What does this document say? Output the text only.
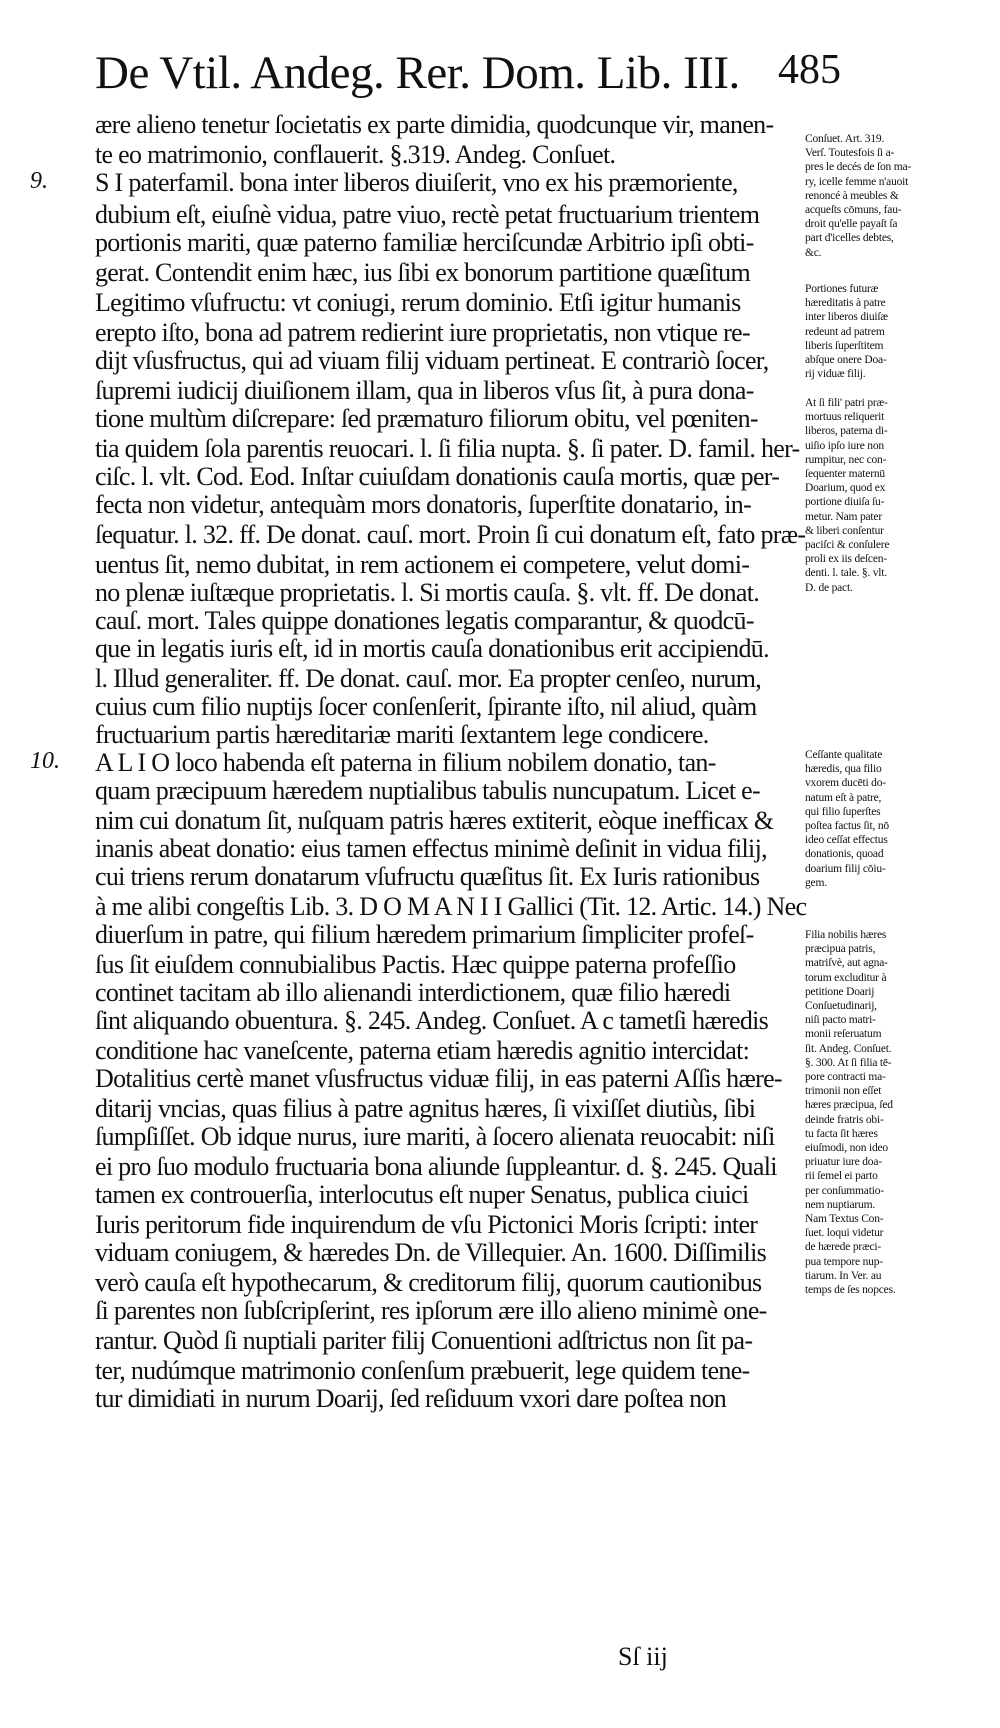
De Vtil. Andeg. Rer. Dom. Lib. III. 485
9.
10.
ære alieno tenetur ſocietatis ex parte dimidia, quodcunque vir, manen-
te eo matrimonio, conflauerit. §.319. Andeg. Conſuet.
S I paterfamil. bona inter liberos diuiſerit, vno ex his præmoriente,
dubium eſt, eiuſnè vidua, patre viuo, rectè petat fructuarium trientem
portionis mariti, quæ paterno familiæ herciſcundæ Arbitrio ipſi obti-
gerat. Contendit enim hæc, ius ſibi ex bonorum partitione quæſitum
Legitimo vſufructu: vt coniugi, rerum dominio. Etſi igitur humanis
erepto iſto, bona ad patrem redierint iure proprietatis, non vtique re-
dijt vſusfructus, qui ad viuam filij viduam pertineat. E contrariò ſocer,
ſupremi iudicij diuiſionem illam, qua in liberos vſus ſit, à pura dona-
tione multùm diſcrepare: ſed præmaturo filiorum obitu, vel pœniten-
tia quidem ſola parentis reuocari. l. ſi filia nupta. §. ſi pater. D. famil. her-
ciſc. l. vlt. Cod. Eod. Inſtar cuiuſdam donationis cauſa mortis, quæ per-
fecta non videtur, antequàm mors donatoris, ſuperſtite donatario, in-
ſequatur. l. 32. ff. De donat. cauſ. mort. Proin ſi cui donatum eſt, fato præ-
uentus ſit, nemo dubitat, in rem actionem ei competere, velut domi-
no plenæ iuſtæque proprietatis. l. Si mortis cauſa. §. vlt. ff. De donat.
cauſ. mort. Tales quippe donationes legatis comparantur, & quodcū-
que in legatis iuris eſt, id in mortis cauſa donationibus erit accipiendū.
l. Illud generaliter. ff. De donat. cauſ. mor. Ea propter cenſeo, nurum,
cuius cum filio nuptijs ſocer conſenſerit, ſpirante iſto, nil aliud, quàm
fructuarium partis hæreditariæ mariti ſextantem lege condicere.
A L I O loco habenda eſt paterna in filium nobilem donatio, tan-
quam præcipuum hæredem nuptialibus tabulis nuncupatum. Licet e-
nim cui donatum ſit, nuſquam patris hæres extiterit, eòque inefficax &
inanis abeat donatio: eius tamen effectus minimè deſinit in vidua filij,
cui triens rerum donatarum vſufructu quæſitus ſit. Ex Iuris rationibus
à me alibi congeſtis Lib. 3. D O M A N I I Gallici (Tit. 12. Artic. 14.) Nec
diuerſum in patre, qui filium hæredem primarium ſimpliciter profeſ-
ſus ſit eiuſdem connubialibus Pactis. Hæc quippe paterna profeſſio
continet tacitam ab illo alienandi interdictionem, quæ filio hæredi
ſint aliquando obuentura. §. 245. Andeg. Conſuet. A c tametſi hæredis
conditione hac vaneſcente, paterna etiam hæredis agnitio intercidat:
Dotalitius certè manet vſusfructus viduæ filij, in eas paterni Aſſis hære-
ditarij vncias, quas filius à patre agnitus hæres, ſi vixiſſet diutiùs, ſibi
ſumpſiſſet. Ob idque nurus, iure mariti, à ſocero alienata reuocabit: niſi
ei pro ſuo modulo fructuaria bona aliunde ſuppleantur. d. §. 245. Quali
tamen ex controuerſia, interlocutus eſt nuper Senatus, publica ciuici
Iuris peritorum fide inquirendum de vſu Pictonici Moris ſcripti: inter
viduam coniugem, & hæredes Dn. de Villequier. An. 1600. Diſſimilis
verò cauſa eſt hypothecarum, & creditorum filij, quorum cautionibus
ſi parentes non ſubſcripſerint, res ipſorum ære illo alieno minimè one-
rantur. Quòd ſi nuptiali pariter filij Conuentioni adſtrictus non ſit pa-
ter, nudúmque matrimonio conſenſum præbuerit, lege quidem tene-
tur dimidiati in nurum Doarij, ſed reſiduum vxori dare poſtea non
Conſuet. Art. 319.
Verſ. Toutesfois ſi a-
pres le decés de ſon ma-
ry, icelle femme n'auoit
renoncé à meubles &
acqueſts cōmuns, fau-
droit qu'elle payaſt ſa
part d'icelles debtes,
&c.
Portiones futuræ
hæreditatis à patre
inter liberos diuiſæ
redeunt ad patrem
liberis ſuperſtitem
abſque onere Doa-
rij viduæ filij.
At ſi fili' patri præ-
mortuus reliquerit
liberos, paterna di-
uiſio ipſo iure non
rumpitur, nec con-
ſequenter maternū
Doarium, quod ex
portione diuiſa ſu-
metur. Nam pater
& liberi conſentur
paciſci & conſulere
proli ex iis deſcen-
denti. l. tale. §. vlt.
D. de pact.
Ceſſante qualitate
hæredis, qua filio
vxorem ducēti do-
natum eſt à patre,
qui filio ſuperſtes
poſtea factus ſit, nō
ideo ceſſat effectus
donationis, quoad
doarium filij cōiu-
gem.
Filia nobilis hæres
præcipua patris,
matriſvè, aut agna-
torum excluditur à
petitione Doarij
Conſuetudinarij,
niſi pacto matri-
monii reſeruatum
ſit. Andeg. Conſuet.
§. 300. At ſi filia tē-
pore contracti ma-
trimonii non eſſet
hæres præcipua, ſed
deinde fratris obi-
tu facta ſit hæres
eiuſmodi, non ideo
priuatur iure doa-
rii ſemel ei parto
per conſummatio-
nem nuptiarum.
Nam Textus Con-
ſuet. loqui videtur
de hærede præci-
pua tempore nup-
tiarum. In Ver. au
temps de ſes nopces.
Sſ iij
